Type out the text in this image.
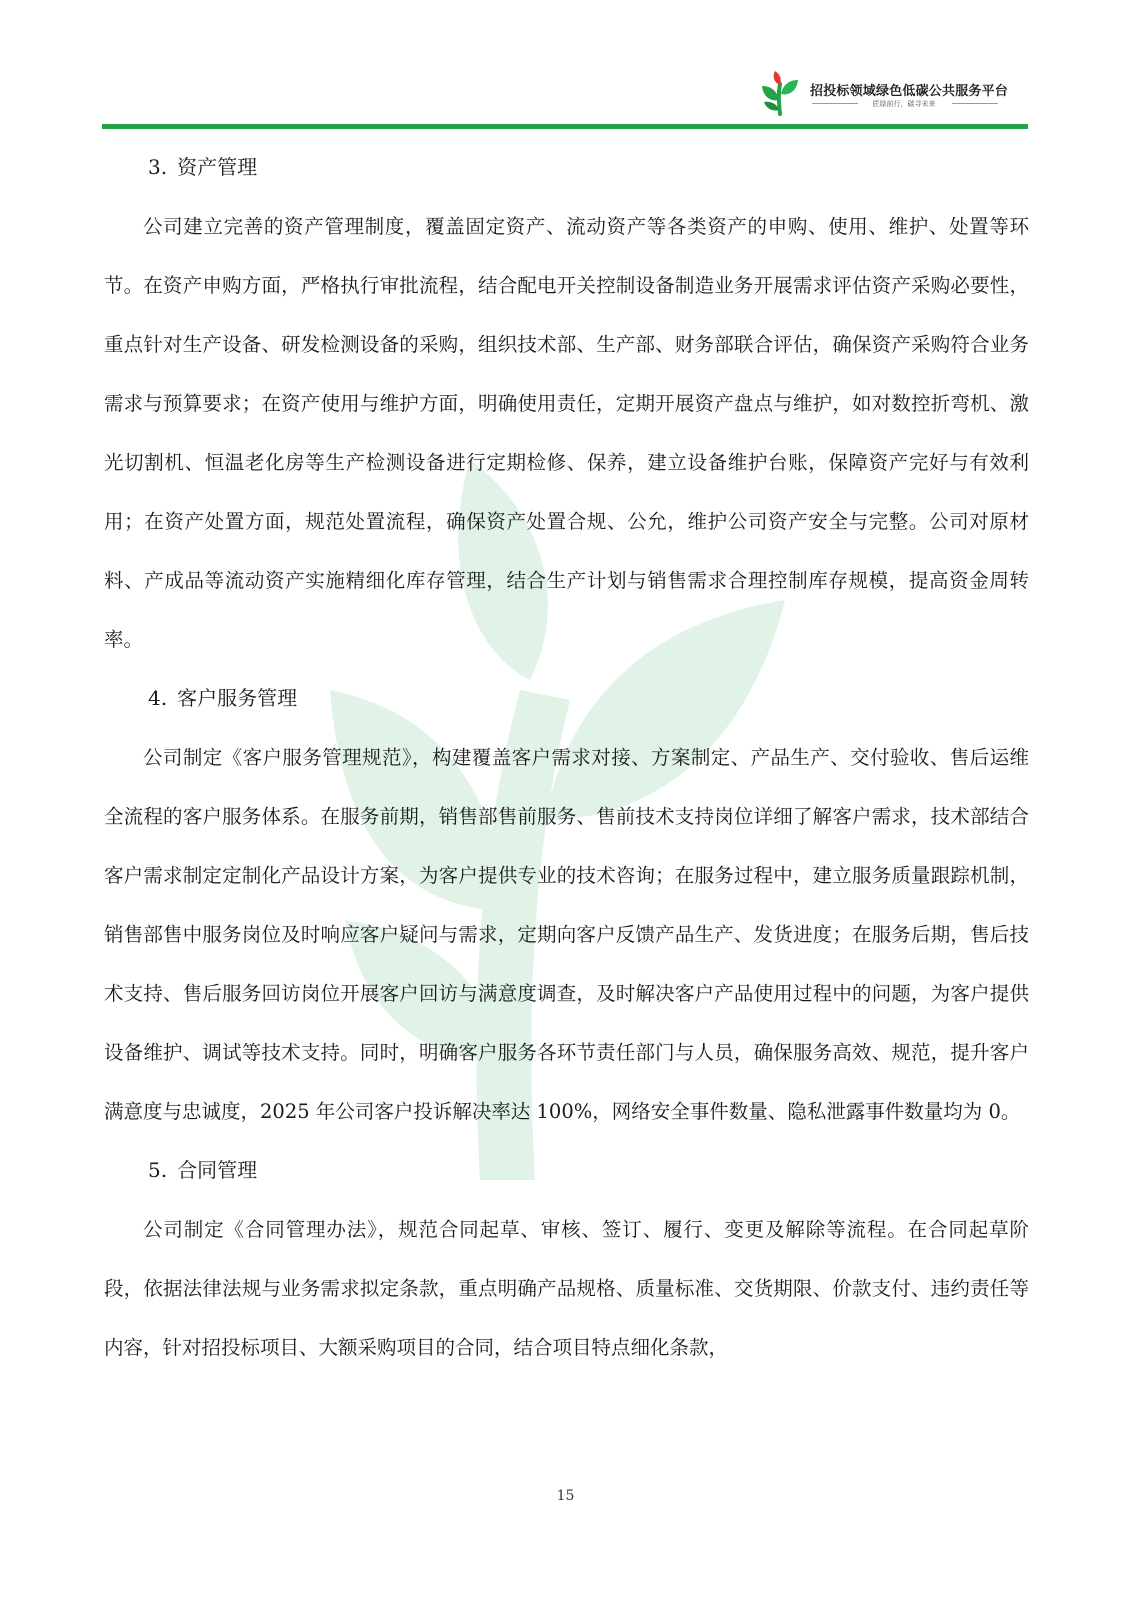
招投标领域绿色低碳公共服务平台
匠绿前行，碳寻未来
3. 资产管理

公司建立完善的资产管理制度，覆盖固定资产、流动资产等各类资产的申购、使用、维护、处置等环节。在资产申购方面，严格执行审批流程，结合配电开关控制设备制造业务开展需求评估资产采购必要性，重点针对生产设备、研发检测设备的采购，组织技术部、生产部、财务部联合评估，确保资产采购符合业务需求与预算要求；在资产使用与维护方面，明确使用责任，定期开展资产盘点与维护，如对数控折弯机、激光切割机、恒温老化房等生产检测设备进行定期检修、保养，建立设备维护台账，保障资产完好与有效利用；在资产处置方面，规范处置流程，确保资产处置合规、公允，维护公司资产安全与完整。公司对原材料、产成品等流动资产实施精细化库存管理，结合生产计划与销售需求合理控制库存规模，提高资金周转率。

4. 客户服务管理

公司制定《客户服务管理规范》，构建覆盖客户需求对接、方案制定、产品生产、交付验收、售后运维全流程的客户服务体系。在服务前期，销售部售前服务、售前技术支持岗位详细了解客户需求，技术部结合客户需求制定定制化产品设计方案，为客户提供专业的技术咨询；在服务过程中，建立服务质量跟踪机制，销售部售中服务岗位及时响应客户疑问与需求，定期向客户反馈产品生产、发货进度；在服务后期，售后技术支持、售后服务回访岗位开展客户回访与满意度调查，及时解决客户产品使用过程中的问题，为客户提供设备维护、调试等技术支持。同时，明确客户服务各环节责任部门与人员，确保服务高效、规范，提升客户满意度与忠诚度，2025 年公司客户投诉解决率达 100%，网络安全事件数量、隐私泄露事件数量均为 0。

5. 合同管理

公司制定《合同管理办法》，规范合同起草、审核、签订、履行、变更及解除等流程。在合同起草阶段，依据法律法规与业务需求拟定条款，重点明确产品规格、质量标准、交货期限、价款支付、违约责任等内容，针对招投标项目、大额采购项目的合同，结合项目特点细化条款，

15
